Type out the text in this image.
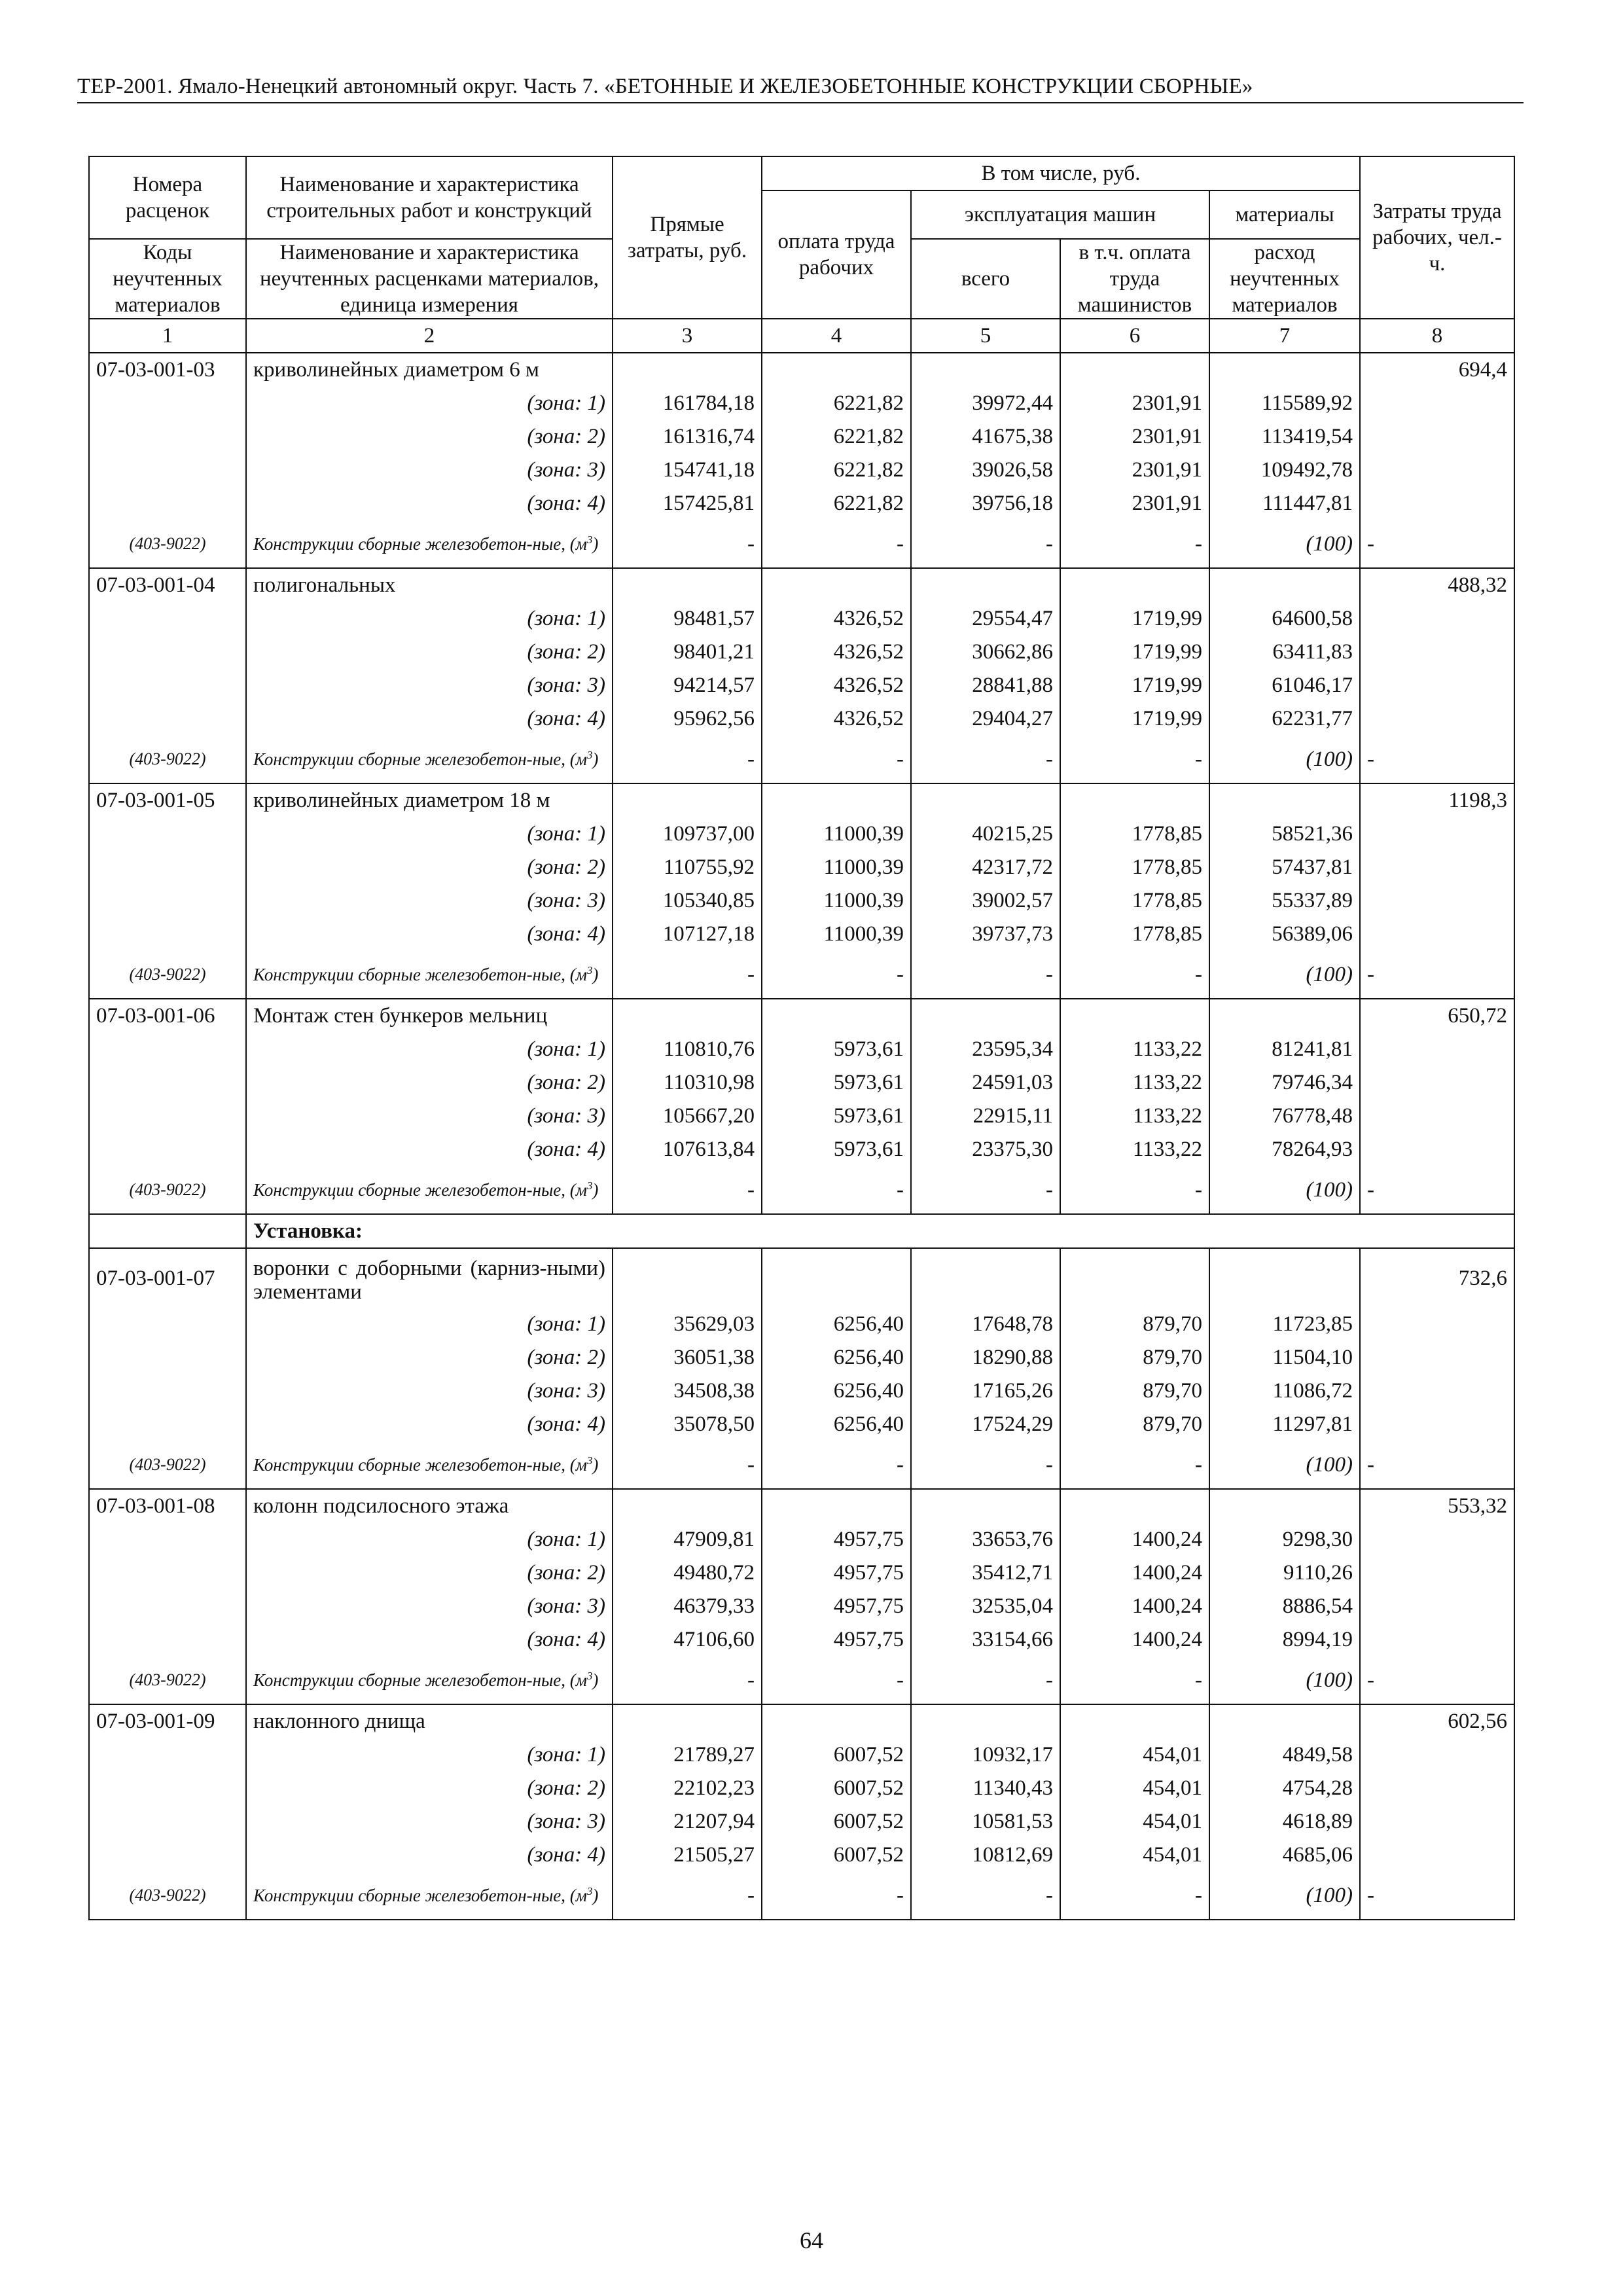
ТЕР-2001. Ямало-Ненецкий автономный округ. Часть 7. «БЕТОННЫЕ И ЖЕЛЕЗОБЕТОННЫЕ КОНСТРУКЦИИ СБОРНЫЕ»
Номера расценок	Наименование и характеристика строительных работ и конструкций	Прямые затраты, руб.	В том числе, руб.				Затраты труда рабочих, чел.-ч.
			оплата труда рабочих	эксплуатация машин		материалы	
Коды неучтенных материалов	Наименование и характеристика неучтенных расценками материалов, единица измерения			всего	в т.ч. оплата труда машинистов	расход неучтенных материалов	
1	2	3	4	5	6	7	8
07-03-001-03	криволинейных диаметром 6 м						694,4
	(зона: 1)	161784,18	6221,82	39972,44	2301,91	115589,92	
	(зона: 2)	161316,74	6221,82	41675,38	2301,91	113419,54	
	(зона: 3)	154741,18	6221,82	39026,58	2301,91	109492,78	
	(зона: 4)	157425,81	6221,82	39756,18	2301,91	111447,81	
(403-9022)	Конструкции сборные железобетон-ные, $(м^3)$	-	-	-	-	(100)	-
07-03-001-04	полигональных						488,32
	(зона: 1)	98481,57	4326,52	29554,47	1719,99	64600,58	
	(зона: 2)	98401,21	4326,52	30662,86	1719,99	63411,83	
	(зона: 3)	94214,57	4326,52	28841,88	1719,99	61046,17	
	(зона: 4)	95962,56	4326,52	29404,27	1719,99	62231,77	
(403-9022)	Конструкции сборные железобетон-ные, $(м^3)$	-	-	-	-	(100)	-
07-03-001-05	криволинейных диаметром 18 м						1198,3
	(зона: 1)	109737,00	11000,39	40215,25	1778,85	58521,36	
	(зона: 2)	110755,92	11000,39	42317,72	1778,85	57437,81	
	(зона: 3)	105340,85	11000,39	39002,57	1778,85	55337,89	
	(зона: 4)	107127,18	11000,39	39737,73	1778,85	56389,06	
(403-9022)	Конструкции сборные железобетон-ные, $(м^3)$	-	-	-	-	(100)	-
07-03-001-06	Монтаж стен бункеров мельниц						650,72
	(зона: 1)	110810,76	5973,61	23595,34	1133,22	81241,81	
	(зона: 2)	110310,98	5973,61	24591,03	1133,22	79746,34	
	(зона: 3)	105667,20	5973,61	22915,11	1133,22	76778,48	
	(зона: 4)	107613,84	5973,61	23375,30	1133,22	78264,93	
(403-9022)	Конструкции сборные железобетон-ные, $(м^3)$	-	-	-	-	(100)	-
	Установка:						
07-03-001-07	воронки с доборными (карниз-ными) элементами						732,6
	(зона: 1)	35629,03	6256,40	17648,78	879,70	11723,85	
	(зона: 2)	36051,38	6256,40	18290,88	879,70	11504,10	
	(зона: 3)	34508,38	6256,40	17165,26	879,70	11086,72	
	(зона: 4)	35078,50	6256,40	17524,29	879,70	11297,81	
(403-9022)	Конструкции сборные железобетон-ные, $(м^3)$	-	-	-	-	(100)	-
07-03-001-08	колонн подсилосного этажа						553,32
	(зона: 1)	47909,81	4957,75	33653,76	1400,24	9298,30	
	(зона: 2)	49480,72	4957,75	35412,71	1400,24	9110,26	
	(зона: 3)	46379,33	4957,75	32535,04	1400,24	8886,54	
	(зона: 4)	47106,60	4957,75	33154,66	1400,24	8994,19	
(403-9022)	Конструкции сборные железобетон-ные, $(м^3)$	-	-	-	-	(100)	-
07-03-001-09	наклонного днища						602,56
	(зона: 1)	21789,27	6007,52	10932,17	454,01	4849,58	
	(зона: 2)	22102,23	6007,52	11340,43	454,01	4754,28	
	(зона: 3)	21207,94	6007,52	10581,53	454,01	4618,89	
	(зона: 4)	21505,27	6007,52	10812,69	454,01	4685,06	
(403-9022)	Конструкции сборные железобетон-ные, $(м^3)$	-	-	-	-	(100)	-
64
